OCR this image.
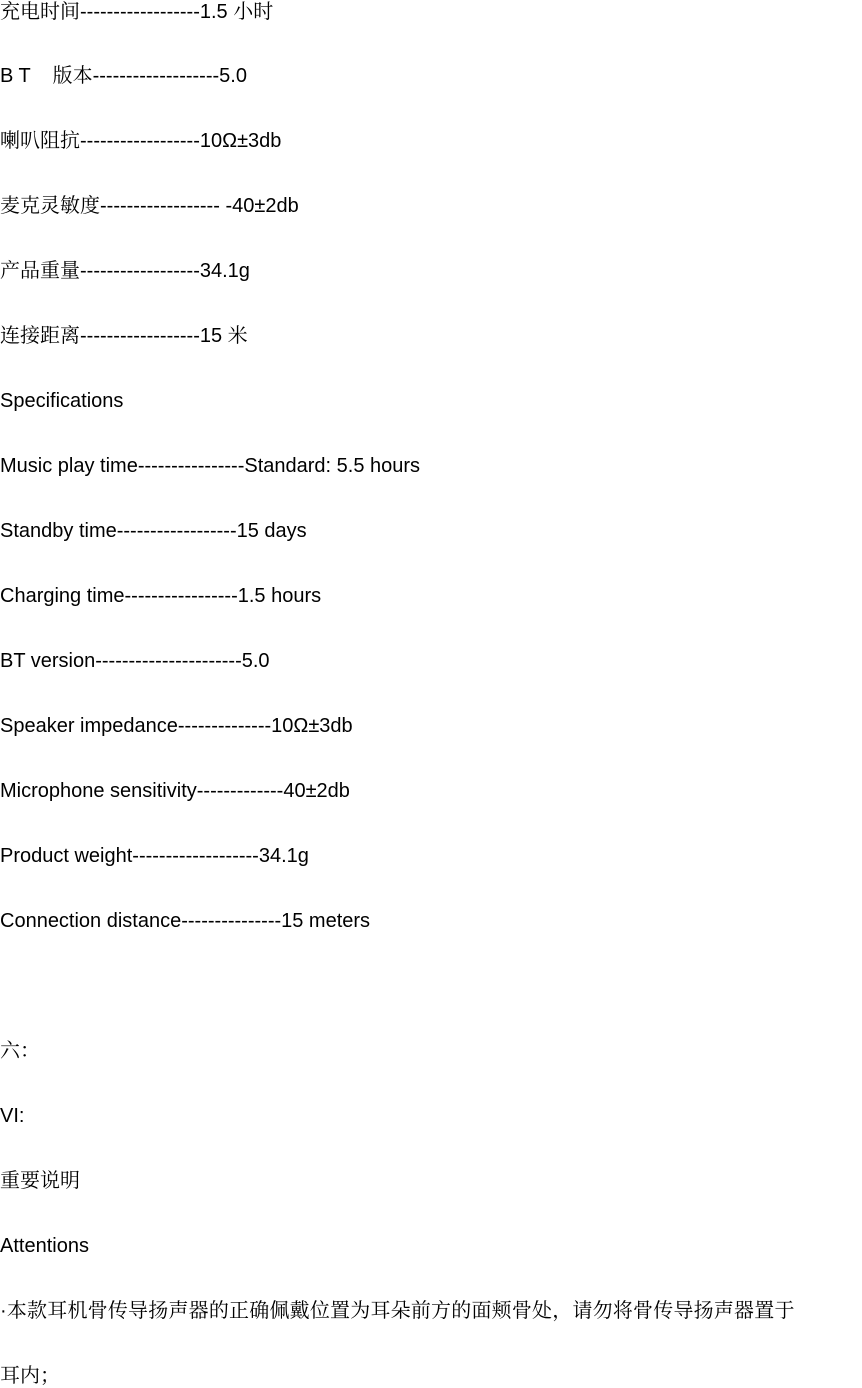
充电时间------------------1.5 小时

B T    版本-------------------5.0

喇叭阻抗------------------10Ω±3db

麦克灵敏度------------------ -40±2db

产品重量------------------34.1g

连接距离------------------15 米

Specifications

Music play time----------------Standard: 5.5 hours

Standby time------------------15 days

Charging time-----------------1.5 hours

BT version----------------------5.0

Speaker impedance--------------10Ω±3db

Microphone sensitivity-------------40±2db

Product weight-------------------34.1g

Connection distance---------------15 meters

六：

VI:

重要说明

Attentions

·本款耳机骨传导扬声器的正确佩戴位置为耳朵前方的面颊骨处，请勿将骨传导扬声器置于

耳内；
